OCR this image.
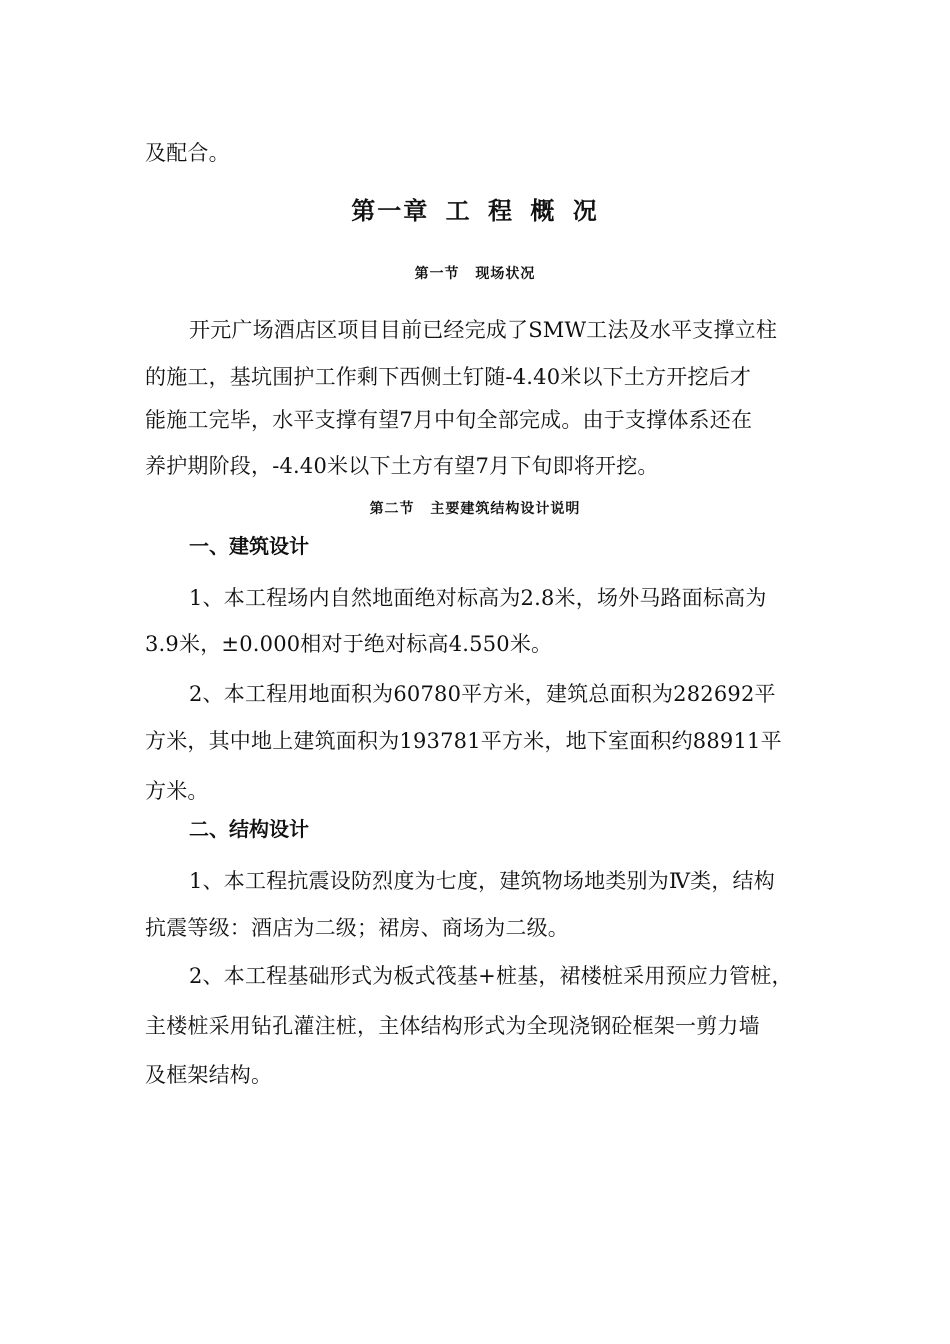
及配合。
第一章 工 程 概 况
第一节 现场状况
开元广场酒店区项目目前已经完成了SMW工法及水平支撑立柱
的施工，基坑围护工作剩下西侧土钉随-4.40米以下土方开挖后才
能施工完毕，水平支撑有望7月中旬全部完成。由于支撑体系还在
养护期阶段，-4.40米以下土方有望7月下旬即将开挖。
第二节 主要建筑结构设计说明
一、建筑设计
1、本工程场内自然地面绝对标高为2.8米，场外马路面标高为
3.9米，±0.000相对于绝对标高4.550米。
2、本工程用地面积为60780平方米，建筑总面积为282692平
方米，其中地上建筑面积为193781平方米，地下室面积约88911平
方米。
二、结构设计
1、本工程抗震设防烈度为七度，建筑物场地类别为Ⅳ类，结构
抗震等级：酒店为二级；裙房、商场为二级。
2、本工程基础形式为板式筏基+桩基，裙楼桩采用预应力管桩，
主楼桩采用钻孔灌注桩，主体结构形式为全现浇钢砼框架一剪力墙
及框架结构。
